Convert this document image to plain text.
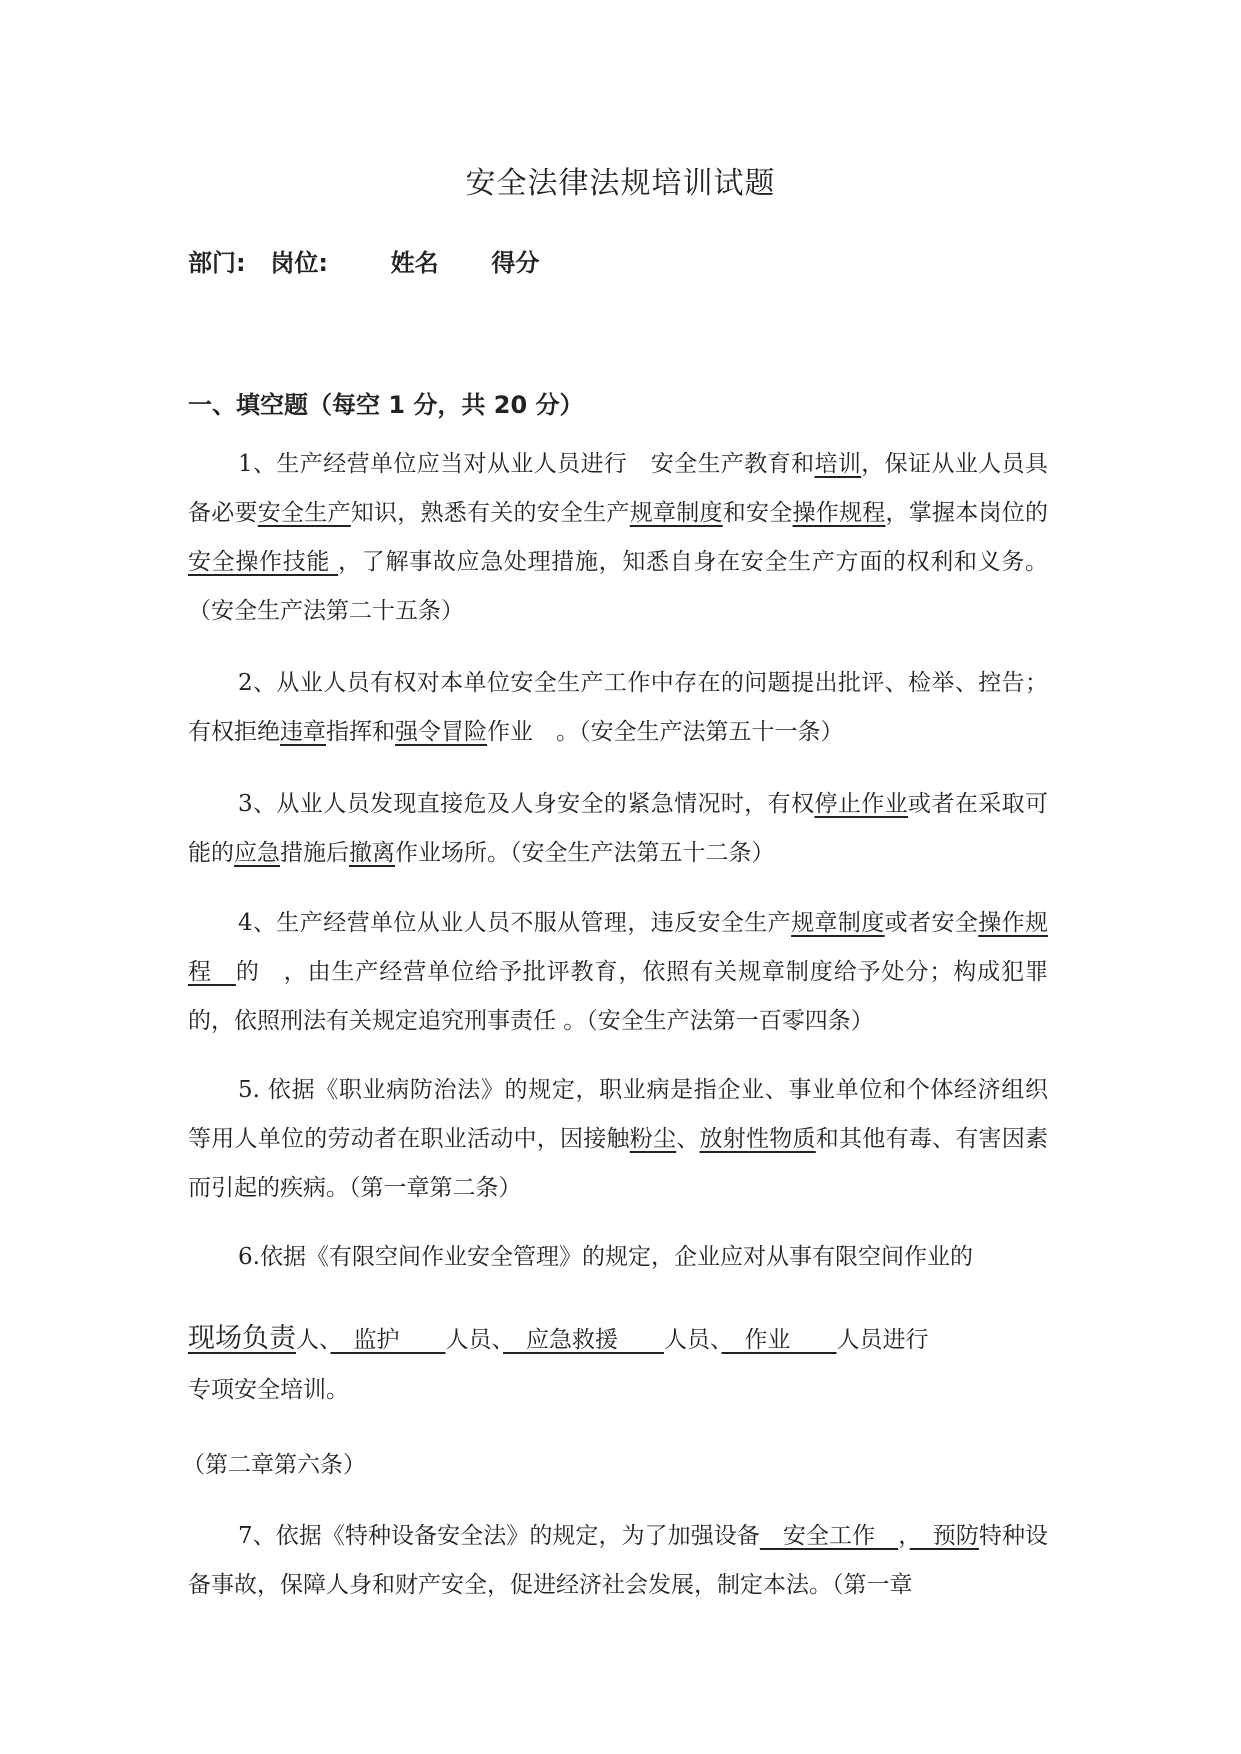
安全法律法规培训试题
部门: 岗位:	姓名 得分
一、填空题（每空 1 分，共 20 分）
1、生产经营单位应当对从业人员进行　安全生产教育和培训，保证从业人员具备必要安全生产知识，熟悉有关的安全生产规章制度和安全操作规程，掌握本岗位的安全操作技能 ，了解事故应急处理措施，知悉自身在安全生产方面的权利和义务。（安全生产法第二十五条）
2、从业人员有权对本单位安全生产工作中存在的问题提出批评、检举、控告；有权拒绝违章指挥和强令冒险作业　。（安全生产法第五十一条）
3、从业人员发现直接危及人身安全的紧急情况时，有权停止作业或者在采取可能的应急措施后撤离作业场所。（安全生产法第五十二条）
4、生产经营单位从业人员不服从管理，违反安全生产规章制度或者安全操作规程　的　，由生产经营单位给予批评教育，依照有关规章制度给予处分；构成犯罪的，依照刑法有关规定追究刑事责任 。（安全生产法第一百零四条）
5. 依据《职业病防治法》的规定，职业病是指企业、事业单位和个体经济组织等用人单位的劳动者在职业活动中，因接触粉尘、放射性物质和其他有毒、有害因素而引起的疾病。（第一章第二条）
6.依据《有限空间作业安全管理》的规定，企业应对从事有限空间作业的
现场负责人、　监护　　人员、　应急救援　　人员、　作业　　人员进行
专项安全培训。
（第二章第六条）
7、依据《特种设备安全法》的规定，为了加强设备　安全工作　，　预防特种设备事故，保障人身和财产安全，促进经济社会发展，制定本法。（第一章
